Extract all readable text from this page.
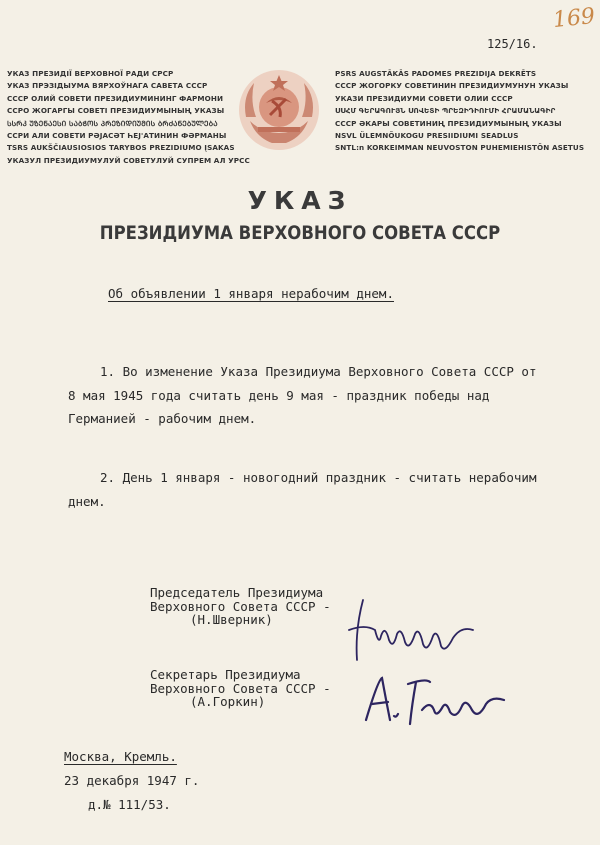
169
125/16.
УКАЗ ПРЕЗИДІЇ ВЕРХОВНОЇ РАДИ СРСР
УКАЗ ПРЭЗІДЫУМА ВЯРХОЎНАГА САВЕТА СССР
СССР ОЛИЙ СОВЕТИ ПРЕЗИДИУМИНИНГ ФАРМОНИ
ССРО ЖОГАРГЫ СОВЕТІ ПРЕЗИДИУМЫНЫҢ УКАЗЫ
ᲡᲡᲠᲙ ᲣᲖᲔᲜᲐᲔᲡᲘ ᲡᲐᲑᲭᲝᲡ ᲞᲠᲔᲖᲘᲓᲘᲣᲛᲘᲡ ᲑᲠᲫᲐᲜᲔᲑᲣᲚᲔᲑᲐ
ССРИ АЛИ СОВЕТИ РӘЈАСӘТ ҺЕЈ'АТИНИН ФӘРМАНЫ
TSRS AUKŠČIAUSIOSIOS TARYBOS PREZIDIUMO ĮSAKAS
УКАЗУЛ ПРЕЗИДИУМУЛУЙ СОВЕТУЛУЙ СУПРЕМ АЛ УРСС
PSRS AUGSTĀKĀS PADOMES PREZIDIJA DEKRĒTS
СССР ЖОГОРКУ СОВЕТИНИН ПРЕЗИДИУМУНУН УКАЗЫ
УКАЗИ ПРЕЗИДИУМИ СОВЕТИ ОЛИИ СССР
ՍՍՀՄ ԳԵՐԱԳՈՒՅՆ ՍՈՎԵՏԻ ՊՐԵԶԻԴԻՈՒՄԻ ՀՐԱՄԱՆԱԳԻՐ
СССР ӘКАРЫ СОВЕТИНИҢ ПРЕЗИДИУМЫНЫҢ УКАЗЫ
NSVL ÜLEMNÕUKOGU PRESIIDIUMI SEADLUS
SNTL:n KORKEIMMAN NEUVOSTON PUHEMIEHISTÖN ASETUS
УКАЗ
ПРЕЗИДИУМА ВЕРХОВНОГО СОВЕТА СССР
Об объявлении 1 января нерабочим днем.
1. Во изменение Указа Президиума Верховного Совета СССР от 8 мая 1945 года считать день 9 мая - праздник победы над Германией - рабочим днем.
2. День 1 января - новогодний праздник - считать нерабочим днем.
Председатель Президиума
Верховного Совета СССР -
(Н.Шверник)
Секретарь Президиума
Верховного Совета СССР -
(А.Горкин)
Москва, Кремль.
23 декабря 1947 г.
д.№ 111/53.
